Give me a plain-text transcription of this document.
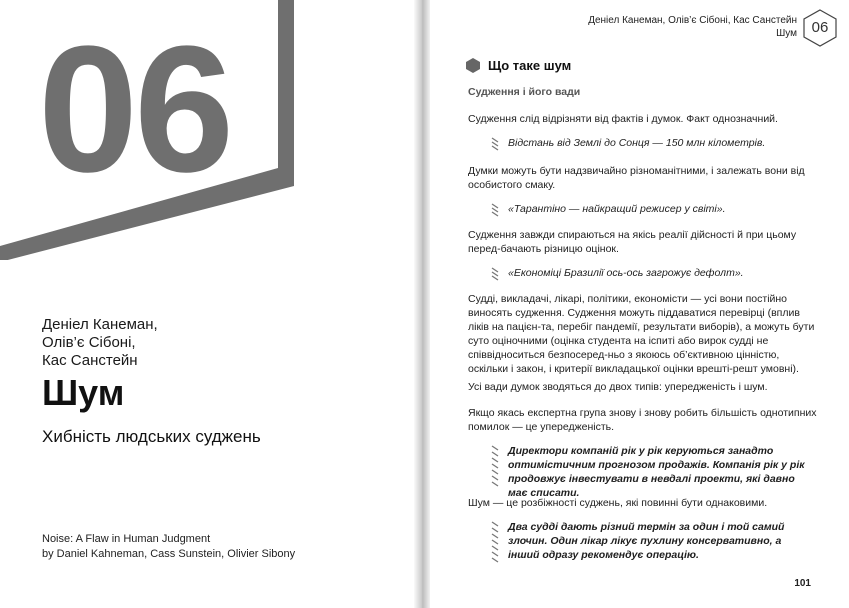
06
Деніел Канеман,
Олів’є Сібоні,
Кас Санстейн
Шум
Хибність людських суджень
Noise: A Flaw in Human Judgment
by Daniel Kahneman, Cass Sunstein, Olivier Sibony
Деніел Канеман, Олів’є Сібоні, Кас Санстейн
Шум 06
Що таке шум
Судження і його вади
Судження слід відрізняти від фактів і думок. Факт однозначний.
Відстань від Землі до Сонця — 150 млн кілометрів.
Думки можуть бути надзвичайно різноманітними, і залежать вони від особистого смаку.
«Тарантіно — найкращий режисер у світі».
Судження завжди спираються на якісь реалії дійсності й при цьому перед-бачають різницю оцінок.
«Економіці Бразилії ось-ось загрожує дефолт».
Судді, викладачі, лікарі, політики, економісти — усі вони постійно виносять судження. Судження можуть піддаватися перевірці (вплив ліків на пацієн-та, перебіг пандемії, результати виборів), а можуть бути суто оціночними (оцінка студента на іспиті або вирок судді не співвідноситься безпосеред-ньо з якоюсь об’єктивною цінністю, оскільки і закон, і критерії викладацької оцінки врешті-решт умовні).
Усі вади думок зводяться до двох типів: упередженість і шум.
Якщо якась експертна група знову і знову робить більшість однотипних помилок — це упередженість.
Директори компаній рік у рік керуються занадто оптимістичним прогнозом продажів. Компанія рік у рік продовжує інвестувати в невдалі проекти, які давно має списати.
Шум — це розбіжності суджень, які повинні бути однаковими.
Два судді дають різний термін за один і той самий злочин. Один лікар лікує пухлину консервативно, а інший одразу рекомендує операцію.
101
